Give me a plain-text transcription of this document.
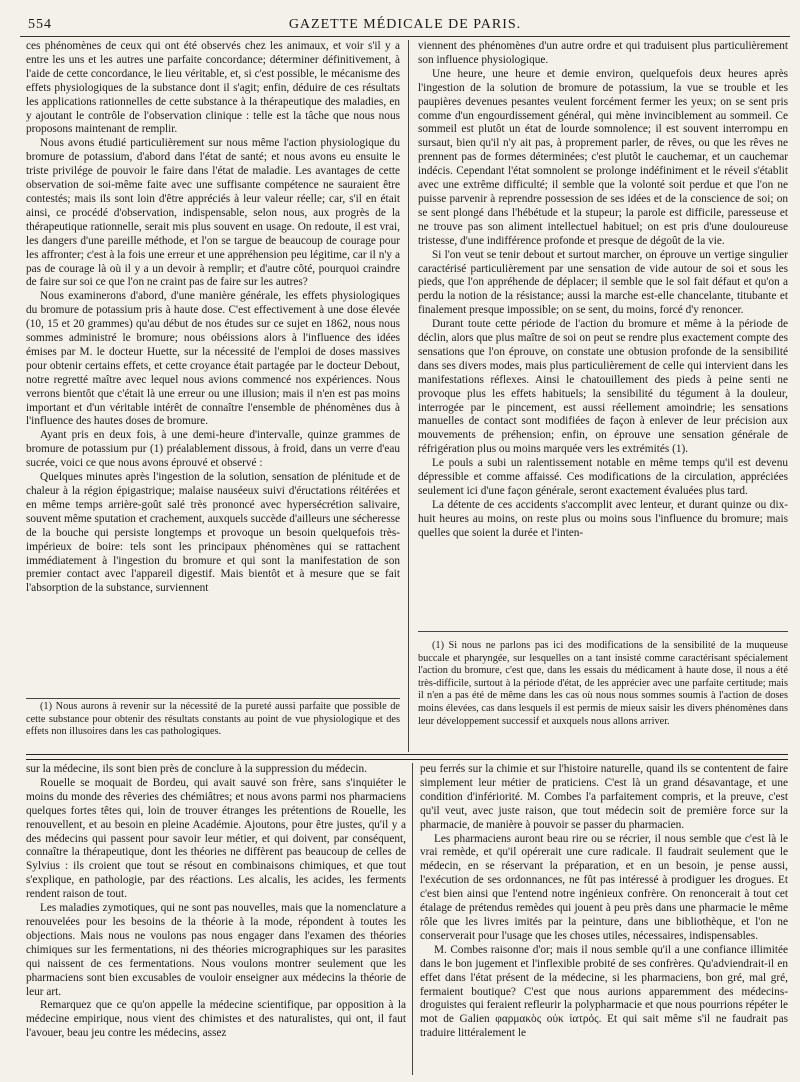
554	GAZETTE MÉDICALE DE PARIS.

ces phénomènes de ceux qui ont été observés chez les animaux, et voir s'il y a entre les uns et les autres une parfaite concordance; déterminer définitivement, à l'aide de cette concordance, le lieu véritable, et, si c'est possible, le mécanisme des effets physiologiques de la substance dont il s'agit; enfin, déduire de ces résultats les applications rationnelles de cette substance à la thérapeutique des maladies, en y ajoutant le contrôle de l'observation clinique : telle est la tâche que nous nous proposons maintenant de remplir.

Nous avons étudié particulièrement sur nous même l'action physiologique du bromure de potassium, d'abord dans l'état de santé; et nous avons eu ensuite le triste privilége de pouvoir le faire dans l'état de maladie. Les avantages de cette observation de soi-même faite avec une suffisante compétence ne sauraient être contestés; mais ils sont loin d'être appréciés à leur valeur réelle; car, s'il en était ainsi, ce procédé d'observation, indispensable, selon nous, aux progrès de la thérapeutique rationnelle, serait mis plus souvent en usage. On redoute, il est vrai, les dangers d'une pareille méthode, et l'on se targue de beaucoup de courage pour les affronter; c'est à la fois une erreur et une appréhension peu légitime, car il n'y a pas de courage là où il y a un devoir à remplir; et d'autre côté, pourquoi craindre de faire sur soi ce que l'on ne craint pas de faire sur les autres?

Nous examinerons d'abord, d'une manière générale, les effets physiologiques du bromure de potassium pris à haute dose. C'est effectivement à une dose élevée (10, 15 et 20 grammes) qu'au début de nos études sur ce sujet en 1862, nous nous sommes administré le bromure; nous obéissions alors à l'influence des idées émises par M. le docteur Huette, sur la nécessité de l'emploi de doses massives pour obtenir certains effets, et cette croyance était partagée par le docteur Debout, notre regretté maître avec lequel nous avions commencé nos expériences. Nous verrons bientôt que c'était là une erreur ou une illusion; mais il n'en est pas moins important et d'un véritable intérêt de connaître l'ensemble de phénomènes dus à l'influence des hautes doses de bromure.

Ayant pris en deux fois, à une demi-heure d'intervalle, quinze grammes de bromure de potassium pur (1) préalablement dissous, à froid, dans un verre d'eau sucrée, voici ce que nous avons éprouvé et observé :

Quelques minutes après l'ingestion de la solution, sensation de plénitude et de chaleur à la région épigastrique; malaise nauséeux suivi d'éructations réitérées et en même temps arrière-goût salé très prononcé avec hypersécrétion salivaire, souvent même sputation et crachement, auxquels succède d'ailleurs une sécheresse de la bouche qui persiste longtemps et provoque un besoin quelquefois très-impérieux de boire: tels sont les principaux phénomènes qui se rattachent immédiatement à l'ingestion du bromure et qui sont la manifestation de son premier contact avec l'appareil digestif. Mais bientôt et à mesure que se fait l'absorption de la substance, surviennent

(1) Nous aurons à revenir sur la nécessité de la pureté aussi parfaite que possible de cette substance pour obtenir des résultats constants au point de vue physiologique et des effets non illusoires dans les cas pathologiques.

viennent des phénomènes d'un autre ordre et qui traduisent plus particulièrement son influence physiologique.

Une heure, une heure et demie environ, quelquefois deux heures après l'ingestion de la solution de bromure de potassium, la vue se trouble et les paupières devenues pesantes veulent forcément fermer les yeux; on se sent pris comme d'un engourdissement général, qui mène invinciblement au sommeil. Ce sommeil est plutôt un état de lourde somnolence; il est souvent interrompu en sursaut, bien qu'il n'y ait pas, à proprement parler, de rêves, ou que les rêves ne prennent pas de formes déterminées; c'est plutôt le cauchemar, et un cauchemar indécis. Cependant l'état somnolent se prolonge indéfiniment et le réveil s'établit avec une extrême difficulté; il semble que la volonté soit perdue et que l'on ne puisse parvenir à reprendre possession de ses idées et de la conscience de soi; on se sent plongé dans l'hébétude et la stupeur; la parole est difficile, paresseuse et ne trouve pas son aliment intellectuel habituel; on est pris d'une douloureuse tristesse, d'une indifférence profonde et presque de dégoût de la vie.

Si l'on veut se tenir debout et surtout marcher, on éprouve un vertige singulier caractérisé particulièrement par une sensation de vide autour de soi et sous les pieds, que l'on appréhende de déplacer; il semble que le sol fait défaut et qu'on a perdu la notion de la résistance; aussi la marche est-elle chancelante, titubante et finalement presque impossible; on se sent, du moins, forcé d'y renoncer.

Durant toute cette période de l'action du bromure et même à la période de déclin, alors que plus maître de soi on peut se rendre plus exactement compte des sensations que l'on éprouve, on constate une obtusion profonde de la sensibilité dans ses divers modes, mais plus particulièrement de celle qui intervient dans les manifestations réflexes. Ainsi le chatouillement des pieds à peine senti ne provoque plus les effets habituels; la sensibilité du tégument à la douleur, interrogée par le pincement, est aussi réellement amoindrie; les sensations manuelles de contact sont modifiées de façon à enlever de leur précision aux mouvements de préhension; enfin, on éprouve une sensation générale de réfrigération plus ou moins marquée vers les extrémités (1).

Le pouls a subi un ralentissement notable en même temps qu'il est devenu dépressible et comme affaissé. Ces modifications de la circulation, appréciées seulement ici d'une façon générale, seront exactement évaluées plus tard.

La détente de ces accidents s'accomplit avec lenteur, et durant quinze ou dix-huit heures au moins, on reste plus ou moins sous l'influence du bromure; mais quelles que soient la durée et l'inten-

(1) Si nous ne parlons pas ici des modifications de la sensibilité de la muqueuse buccale et pharyngée, sur lesquelles on a tant insisté comme caractérisant spécialement l'action du bromure, c'est que, dans les essais du médicament à haute dose, il nous a été très-difficile, surtout à la période d'état, de les apprécier avec une parfaite certitude; mais il n'en a pas été de même dans les cas où nous nous sommes soumis à l'action de doses moins élevées, cas dans lesquels il est permis de mieux saisir les divers phénomènes dans leur développement successif et auxquels nous allons arriver.

sur la médecine, ils sont bien près de conclure à la suppression du médecin.

Rouelle se moquait de Bordeu, qui avait sauvé son frère, sans s'inquiéter le moins du monde des rêveries des chémiâtres; et nous avons parmi nos pharmaciens quelques fortes têtes qui, loin de trouver étranges les prétentions de Rouelle, les renouvellent, et au besoin en pleine Académie. Ajoutons, pour être justes, qu'il y a des médecins qui passent pour savoir leur métier, et qui doivent, par conséquent, connaître la thérapeutique, dont les théories ne diffèrent pas beaucoup de celles de Sylvius : ils croient que tout se résout en combinaisons chimiques, et que tout s'explique, en pathologie, par des réactions. Les alcalis, les acides, les ferments rendent raison de tout.

Les maladies zymotiques, qui ne sont pas nouvelles, mais que la nomenclature a renouvelées pour les besoins de la théorie à la mode, répondent à toutes les objections. Mais nous ne voulons pas nous engager dans l'examen des théories chimiques sur les fermentations, ni des théories micrographiques sur les parasites qui naissent de ces fermentations. Nous voulons montrer seulement que les pharmaciens sont bien excusables de vouloir enseigner aux médecins la théorie de leur art.

Remarquez que ce qu'on appelle la médecine scientifique, par opposition à la médecine empirique, nous vient des chimistes et des naturalistes, qui ont, il faut l'avouer, beau jeu contre les médecins, assez

peu ferrés sur la chimie et sur l'histoire naturelle, quand ils se contentent de faire simplement leur métier de praticiens. C'est là un grand désavantage, et une condition d'infériorité. M. Combes l'a parfaitement compris, et la preuve, c'est qu'il veut, avec juste raison, que tout médecin soit de première force sur la pharmacie, de manière à pouvoir se passer du pharmacien.

Les pharmaciens auront beau rire ou se récrier, il nous semble que c'est là le vrai remède, et qu'il opérerait une cure radicale. Il faudrait seulement que le médecin, en se réservant la préparation, et en un besoin, je pense aussi, l'exécution de ses ordonnances, ne fût pas intéressé à prodiguer les drogues. Et c'est bien ainsi que l'entend notre ingénieux confrère. On renoncerait à tout cet étalage de prétendus remèdes qui jouent à peu près dans une pharmacie le même rôle que les livres imités par la peinture, dans une bibliothèque, et l'on ne conserverait pour l'usage que les choses utiles, nécessaires, indispensables.

M. Combes raisonne d'or; mais il nous semble qu'il a une confiance illimitée dans le bon jugement et l'inflexible probité de ses confrères. Qu'adviendrait-il en effet dans l'état présent de la médecine, si les pharmaciens, bon gré, mal gré, fermaient boutique? C'est que nous aurions apparemment des médecins-droguistes qui feraient refleurir la polypharmacie et que nous pourrions répéter le mot de Galien φαρμακὸς οὐκ ἰατρός. Et qui sait même s'il ne faudrait pas traduire littéralement le
